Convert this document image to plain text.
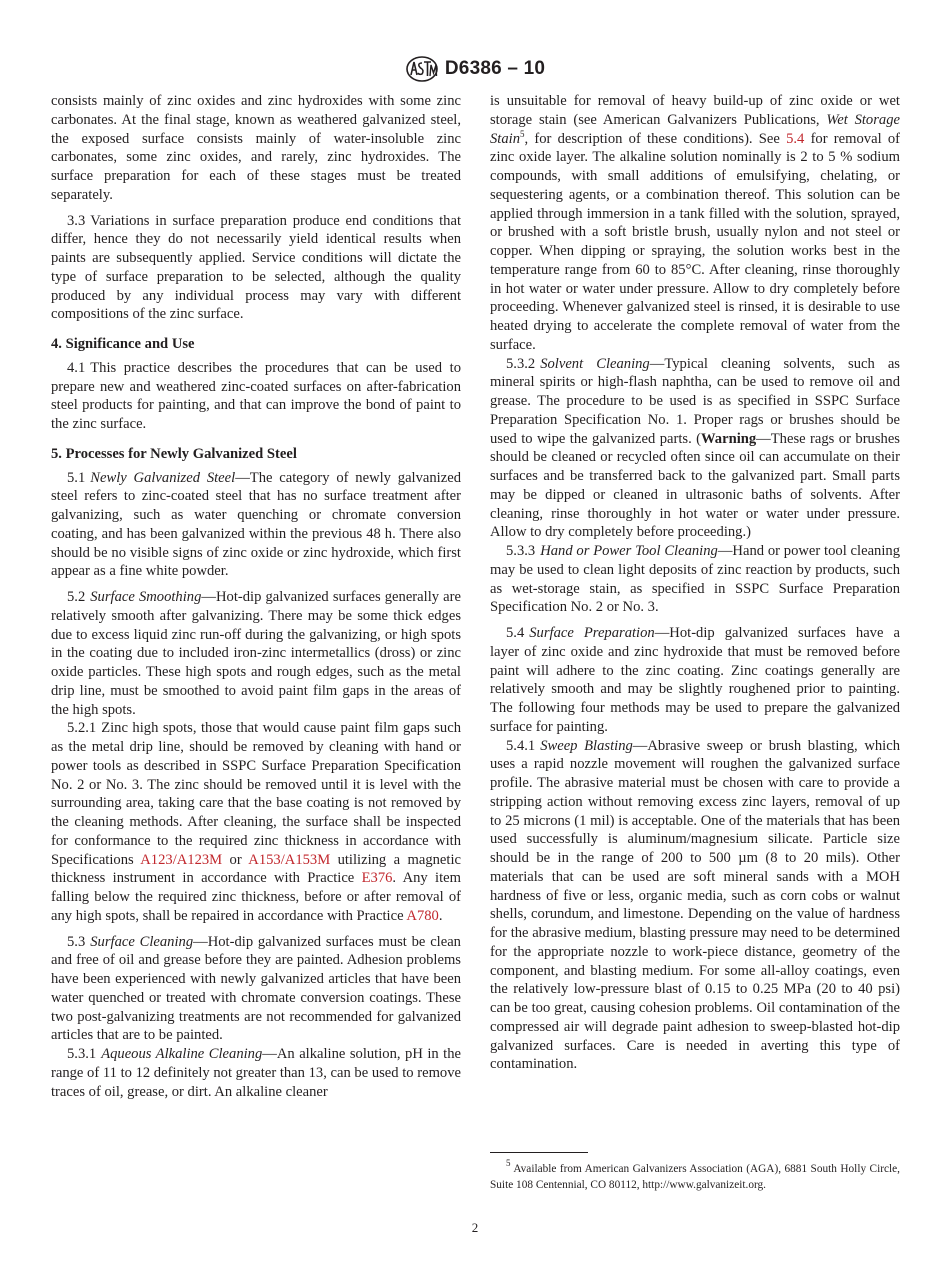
D6386 – 10

consists mainly of zinc oxides and zinc hydroxides with some zinc carbonates. At the final stage, known as weathered galvanized steel, the exposed surface consists mainly of water-insoluble zinc carbonates, some zinc oxides, and rarely, zinc hydroxides. The surface preparation for each of these stages must be treated separately.

3.3 Variations in surface preparation produce end conditions that differ, hence they do not necessarily yield identical results when paints are subsequently applied. Service conditions will dictate the type of surface preparation to be selected, although the quality produced by any individual process may vary with different compositions of the zinc surface.

4. Significance and Use

4.1 This practice describes the procedures that can be used to prepare new and weathered zinc-coated surfaces on after-fabrication steel products for painting, and that can improve the bond of paint to the zinc surface.

5. Processes for Newly Galvanized Steel

5.1 Newly Galvanized Steel—The category of newly galvanized steel refers to zinc-coated steel that has no surface treatment after galvanizing, such as water quenching or chromate conversion coating, and has been galvanized within the previous 48 h. There also should be no visible signs of zinc oxide or zinc hydroxide, which first appear as a fine white powder.

5.2 Surface Smoothing—Hot-dip galvanized surfaces generally are relatively smooth after galvanizing. There may be some thick edges due to excess liquid zinc run-off during the galvanizing, or high spots in the coating due to included iron-zinc intermetallics (dross) or zinc oxide particles. These high spots and rough edges, such as the metal drip line, must be smoothed to avoid paint film gaps in the areas of the high spots.

5.2.1 Zinc high spots, those that would cause paint film gaps such as the metal drip line, should be removed by cleaning with hand or power tools as described in SSPC Surface Preparation Specification No. 2 or No. 3. The zinc should be removed until it is level with the surrounding area, taking care that the base coating is not removed by the cleaning methods. After cleaning, the surface shall be inspected for conformance to the required zinc thickness in accordance with Specifications A123/A123M or A153/A153M utilizing a magnetic thickness instrument in accordance with Practice E376. Any item falling below the required zinc thickness, before or after removal of any high spots, shall be repaired in accordance with Practice A780.

5.3 Surface Cleaning—Hot-dip galvanized surfaces must be clean and free of oil and grease before they are painted. Adhesion problems have been experienced with newly galvanized articles that have been water quenched or treated with chromate conversion coatings. These two post-galvanizing treatments are not recommended for galvanized articles that are to be painted.

5.3.1 Aqueous Alkaline Cleaning—An alkaline solution, pH in the range of 11 to 12 definitely not greater than 13, can be used to remove traces of oil, grease, or dirt. An alkaline cleaner

is unsuitable for removal of heavy build-up of zinc oxide or wet storage stain (see American Galvanizers Publications, Wet Storage Stain$^5$, for description of these conditions). See 5.4 for removal of zinc oxide layer. The alkaline solution nominally is 2 to 5 % sodium compounds, with small additions of emulsifying, chelating, or sequestering agents, or a combination thereof. This solution can be applied through immersion in a tank filled with the solution, sprayed, or brushed with a soft bristle brush, usually nylon and not steel or copper. When dipping or spraying, the solution works best in the temperature range from 60 to 85°C. After cleaning, rinse thoroughly in hot water or water under pressure. Allow to dry completely before proceeding. Whenever galvanized steel is rinsed, it is desirable to use heated drying to accelerate the complete removal of water from the surface.

5.3.2 Solvent Cleaning—Typical cleaning solvents, such as mineral spirits or high-flash naphtha, can be used to remove oil and grease. The procedure to be used is as specified in SSPC Surface Preparation Specification No. 1. Proper rags or brushes should be used to wipe the galvanized parts. (Warning—These rags or brushes should be cleaned or recycled often since oil can accumulate on their surfaces and be transferred back to the galvanized part. Small parts may be dipped or cleaned in ultrasonic baths of solvents. After cleaning, rinse thoroughly in hot water or water under pressure. Allow to dry completely before proceeding.)

5.3.3 Hand or Power Tool Cleaning—Hand or power tool cleaning may be used to clean light deposits of zinc reaction by products, such as wet-storage stain, as specified in SSPC Surface Preparation Specification No. 2 or No. 3.

5.4 Surface Preparation—Hot-dip galvanized surfaces have a layer of zinc oxide and zinc hydroxide that must be removed before paint will adhere to the zinc coating. Zinc coatings generally are relatively smooth and may be slightly roughened prior to painting. The following four methods may be used to prepare the galvanized surface for painting.

5.4.1 Sweep Blasting—Abrasive sweep or brush blasting, which uses a rapid nozzle movement will roughen the galvanized surface profile. The abrasive material must be chosen with care to provide a stripping action without removing excess zinc layers, removal of up to 25 microns (1 mil) is acceptable. One of the materials that has been used successfully is aluminum/magnesium silicate. Particle size should be in the range of 200 to 500 µm (8 to 20 mils). Other materials that can be used are soft mineral sands with a MOH hardness of five or less, organic media, such as corn cobs or walnut shells, corundum, and limestone. Depending on the value of hardness for the abrasive medium, blasting pressure may need to be determined for the appropriate nozzle to work-piece distance, geometry of the component, and blasting medium. For some all-alloy coatings, even the relatively low-pressure blast of 0.15 to 0.25 MPa (20 to 40 psi) can be too great, causing cohesion problems. Oil contamination of the compressed air will degrade paint adhesion to sweep-blasted hot-dip galvanized surfaces. Care is needed in averting this type of contamination.

$^5$ Available from American Galvanizers Association (AGA), 6881 South Holly Circle, Suite 108 Centennial, CO 80112, http://www.galvanizeit.org.

2
